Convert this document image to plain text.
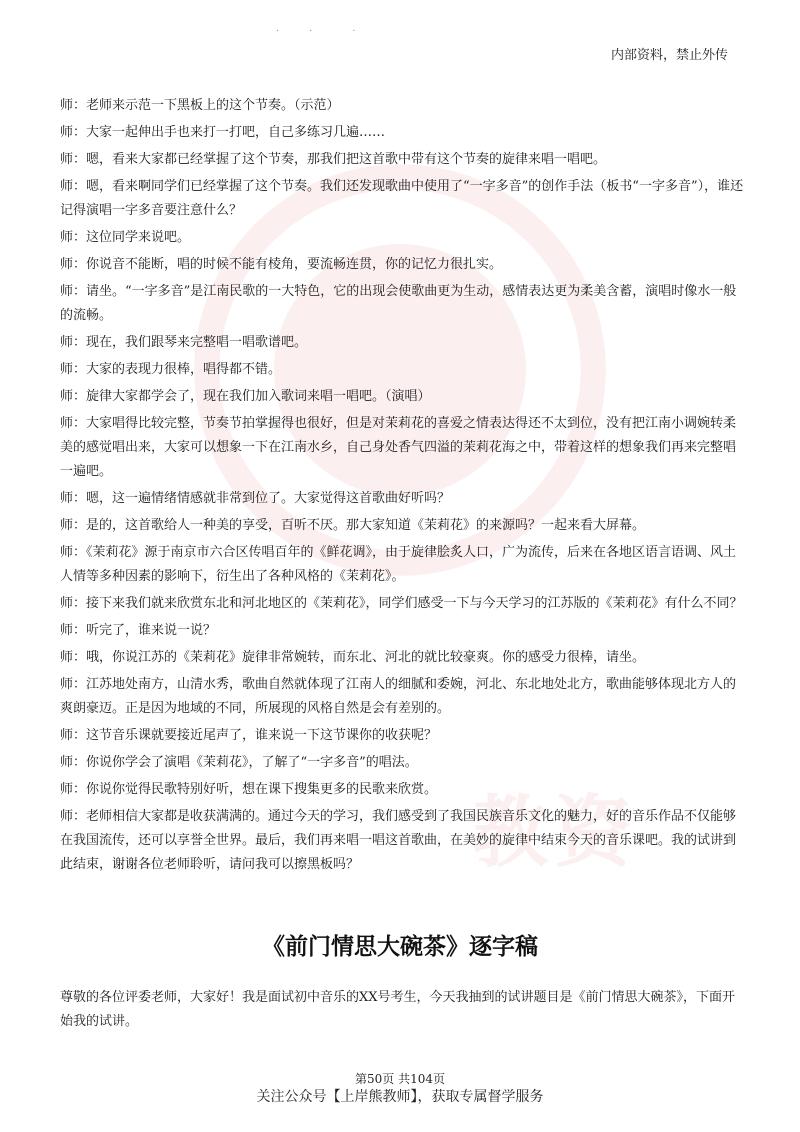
·　　　·　　　　·
内部资料，禁止外传
教资

师：老师来示范一下黑板上的这个节奏。（示范）

师：大家一起伸出手也来打一打吧，自己多练习几遍……

师：嗯，看来大家都已经掌握了这个节奏，那我们把这首歌中带有这个节奏的旋律来唱一唱吧。

师：嗯，看来啊同学们已经掌握了这个节奏。我们还发现歌曲中使用了“一字多音”的创作手法（板书“一字多音”），谁还记得演唱一字多音要注意什么？

师：这位同学来说吧。

师：你说音不能断，唱的时候不能有棱角，要流畅连贯，你的记忆力很扎实。

师：请坐。“一字多音”是江南民歌的一大特色，它的出现会使歌曲更为生动，感情表达更为柔美含蓄，演唱时像水一般的流畅。

师：现在，我们跟琴来完整唱一唱歌谱吧。

师：大家的表现力很棒，唱得都不错。

师：旋律大家都学会了，现在我们加入歌词来唱一唱吧。（演唱）

师：大家唱得比较完整，节奏节拍掌握得也很好，但是对茉莉花的喜爱之情表达得还不太到位，没有把江南小调婉转柔美的感觉唱出来，大家可以想象一下在江南水乡，自己身处香气四溢的茉莉花海之中，带着这样的想象我们再来完整唱一遍吧。

师：嗯，这一遍情绪情感就非常到位了。大家觉得这首歌曲好听吗？

师：是的，这首歌给人一种美的享受，百听不厌。那大家知道《茉莉花》的来源吗？一起来看大屏幕。

师：《茉莉花》源于南京市六合区传唱百年的《鲜花调》，由于旋律脍炙人口，广为流传，后来在各地区语言语调、风土人情等多种因素的影响下，衍生出了各种风格的《茉莉花》。

师：接下来我们就来欣赏东北和河北地区的《茉莉花》，同学们感受一下与今天学习的江苏版的《茉莉花》有什么不同？

师：听完了，谁来说一说？

师：哦，你说江苏的《茉莉花》旋律非常婉转，而东北、河北的就比较豪爽。你的感受力很棒，请坐。

师：江苏地处南方，山清水秀，歌曲自然就体现了江南人的细腻和委婉，河北、东北地处北方，歌曲能够体现北方人的爽朗豪迈。正是因为地域的不同，所展现的风格自然是会有差别的。

师：这节音乐课就要接近尾声了，谁来说一下这节课你的收获呢？

师：你说你学会了演唱《茉莉花》，了解了“一字多音”的唱法。

师：你说你觉得民歌特别好听，想在课下搜集更多的民歌来欣赏。

师：老师相信大家都是收获满满的。通过今天的学习，我们感受到了我国民族音乐文化的魅力，好的音乐作品不仅能够在我国流传，还可以享誉全世界。最后，我们再来唱一唱这首歌曲，在美妙的旋律中结束今天的音乐课吧。我的试讲到此结束，谢谢各位老师聆听，请问我可以擦黑板吗？

《前门情思大碗茶》逐字稿
尊敬的各位评委老师，大家好！我是面试初中音乐的XX号考生，今天我抽到的试讲题目是《前门情思大碗茶》，下面开始我的试讲。
第50页 共104页
关注公众号【上岸熊教师】，获取专属督学服务
